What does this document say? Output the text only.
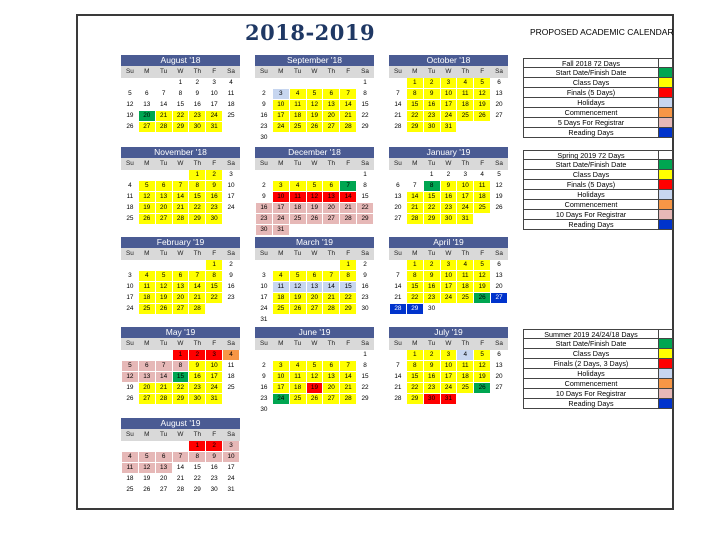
2018-2019	PROPOSED ACADEMIC CALENDAR
August '18
Su	M	Tu	W	Th	F	Sa
			1	2	3	4
5	6	7	8	9	10	11
12	13	14	15	16	17	18
19	20	21	22	23	24	25
26	27	28	29	30	31	
September '18
Su	M	Tu	W	Th	F	Sa
						1
2	3	4	5	6	7	8
9	10	11	12	13	14	15
16	17	18	19	20	21	22
23	24	25	26	27	28	29
30						
October '18
Su	M	Tu	W	Th	F	Sa
	1	2	3	4	5	6
7	8	9	10	11	12	13
14	15	16	17	18	19	20
21	22	23	24	25	26	27
28	29	30	31			
November '18
Su	M	Tu	W	Th	F	Sa
				1	2	3
4	5	6	7	8	9	10
11	12	13	14	15	16	17
18	19	20	21	22	23	24
25	26	27	28	29	30	
December '18
Su	M	Tu	W	Th	F	Sa
						1
2	3	4	5	6	7	8
9	10	11	12	13	14	15
16	17	18	19	20	21	22
23	24	25	26	27	28	29
30	31					
January '19
Su	M	Tu	W	Th	F	Sa
		1	2	3	4	5
6	7	8	9	10	11	12
13	14	15	16	17	18	19
20	21	22	23	24	25	26
27	28	29	30	31		
February '19
Su	M	Tu	W	Th	F	Sa
					1	2
3	4	5	6	7	8	9
10	11	12	13	14	15	16
17	18	19	20	21	22	23
24	25	26	27	28		
March '19
Su	M	Tu	W	Th	F	Sa
					1	2
3	4	5	6	7	8	9
10	11	12	13	14	15	16
17	18	19	20	21	22	23
24	25	26	27	28	29	30
31						
April '19
Su	M	Tu	W	Th	F	Sa
	1	2	3	4	5	6
7	8	9	10	11	12	13
14	15	16	17	18	19	20
21	22	23	24	25	26	27
28	29	30				
May '19
Su	M	Tu	W	Th	F	Sa
			1	2	3	4
5	6	7	8	9	10	11
12	13	14	15	16	17	18
19	20	21	22	23	24	25
26	27	28	29	30	31	
June '19
Su	M	Tu	W	Th	F	Sa
						1
2	3	4	5	6	7	8
9	10	11	12	13	14	15
16	17	18	19	20	21	22
23	24	25	26	27	28	29
30						
July '19
Su	M	Tu	W	Th	F	Sa
	1	2	3	4	5	6
7	8	9	10	11	12	13
14	15	16	17	18	19	20
21	22	23	24	25	26	27
28	29	30	31			
August '19
Su	M	Tu	W	Th	F	Sa
				1	2	3
4	5	6	7	8	9	10
11	12	13	14	15	16	17
18	19	20	21	22	23	24
25	26	27	28	29	30	31
Fall 2018 72 Days
Start Date/Finish Date
Class Days
Finals (5 Days)
Holidays
Commencement
5 Days For Registrar
Reading Days
Spring 2019 72 Days
Start Date/Finish Date
Class Days
Finals (5 Days)
Holidays
Commencement
10 Days For Registrar
Reading Days
Summer 2019 24/24/18 Days
Start Date/Finish Date
Class Days
Finals (2 Days, 3 Days)
Holidays
Commencement
10 Days For Registrar
Reading Days
